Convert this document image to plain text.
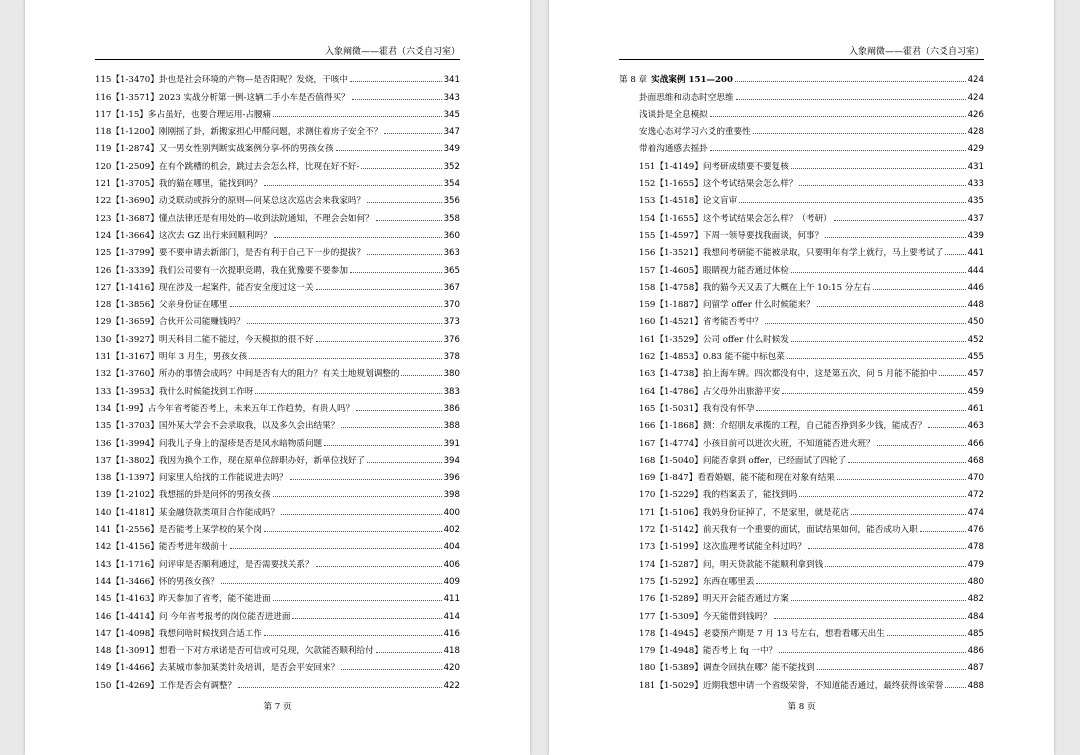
入象阐微——霍君（六爻自习室）
115【1-3470】 卦也是社会环境的产物—是否阳呢？发烧，干咳中	341
116【1-3571】 2023 实战分析第一例-这辆二手小车是否值得买？	343
117【1-15】 多占虽好，也要合理运用-占腰痛	345
118【1-1200】 刚刚摇了卦，新搬家担心甲醛问题，求测住着房子安全不？	347
119【1-2874】 又一男女性别判断实战案例分享-怀的男孩女孩	349
120【1-2509】 在有个跳槽的机会，跳过去会怎么样，比现在好不好-	352
121【1-3705】 我的猫在哪里，能找到吗？	354
122【1-3690】 动爻联动或拆分的原则—问某总这次巡店会来我家吗？	356
123【1-3687】 懂点法律还是有用处的—收到法院通知，不理会会如何？	358
124【1-3664】 这次去 GZ 出行来回顺利吗？	360
125【1-3799】 要不要申请去新部门，是否有利于自己下一步的提拔？	363
126【1-3339】 我们公司要有一次提职竞聘，我在犹豫要不要参加	365
127【1-1416】 现在涉及一起案件，能否安全度过这一关	367
128【1-3856】 父亲身份证在哪里	370
129【1-3659】 合伙开公司能赚钱吗？	373
130【1-3927】 明天科目二能不能过，今天模拟的很不好	376
131【1-3167】 明年 3 月生，男孩女孩	378
132【1-3760】 所办的事情会成吗？中间是否有大的阻力？有关土地规划调整的	380
133【1-3953】 我什么时候能找到工作呀	383
134【1-99】 占今年省考能否考上，未来五年工作趋势，有贵人吗？	386
135【1-3703】 国外某大学会不会录取我，以及多久会出结果？	388
136【1-3994】 问我儿子身上的湿疹是否是风水暗物质问题	391
137【1-3802】 我因为换个工作，现在原单位辞职办好，新单位找好了	394
138【1-1397】 问家里人给找的工作能说进去吗？	396
139【1-2102】 我想摇的卦是问怀的男孩女孩	398
140【1-4181】 某金融贷款类项目合作能成吗？	400
141【1-2556】 是否能考上某学校的某个岗	402
142【1-4156】 能否考进年级前十	404
143【1-1716】 问评审是否顺利通过，是否需要找关系？	406
144【1-3466】 怀的男孩女孩？	409
145【1-4163】 昨天参加了省考，能不能进面	411
146【1-4414】 问 今年省考报考的岗位能否进进面	414
147【1-4098】 我想问啥时候找到合适工作	416
148【1-3091】 想看一下对方承诺是否可信或可兑现，欠款能否顺利给付	418
149【1-4466】 去某城市参加某类针灸培训，是否会平安回来？	420
150【1-4269】 工作是否会有调整？	422
第 7 页
入象阐微——霍君（六爻自习室）
第 8 章 实战案例 151—200	424
卦面思维和动态时空思维	424
浅谈卦是全息模拟	426
安逸心态对学习六爻的重要性	428
带着沟通感去摇卦	429
151【1-4149】 问考研成绩要不要复核	431
152【1-1655】 这个考试结果会怎么样？	433
153【1-4518】 论文盲审	435
154【1-1655】 这个考试结果会怎么样？（考研）	437
155【1-4597】 下周一领导要找我面谈，何事？	439
156【1-3521】 我想问考研能不能被录取，只要明年有学上就行，马上要考试了	441
157【1-4605】 眼睛视力能否通过体检	444
158【1-4758】 我的猫今天又丢了大概在上午 10:15 分左右	446
159【1-1887】 问留学 offer 什么时候能来？	448
160【1-4521】 省考能否考中？	450
161【1-3529】 公司 offer 什么时候发	452
162【1-4853】 0.83 能不能中标包菜	455
163【1-4738】 拍上海车牌。四次都没有中，这是第五次，问 5 月能不能拍中	457
164【1-4786】 占父母外出旅游平安	459
165【1-5031】 我有没有怀孕	461
166【1-1868】 测：介绍朋友承揽的工程，自己能否挣到多少钱，能成否？	463
167【1-4774】 小孩目前可以进次火班，不知道能否进火班？	466
168【1-5040】 问能否拿到 offer，已经面试了四轮了	468
169【1-847】 看看婚姻，能不能和现在对象有结果	470
170【1-5229】 我的档案丢了，能找到吗	472
171【1-5106】 我妈身份证掉了，不是家里，就是花店	474
172【1-5142】 前天我有一个重要的面试，面试结果如何，能否成功入职	476
173【1-5199】 这次监理考试能全科过吗？	478
174【1-5287】 问，明天贷款能不能顺利拿到钱	479
175【1-5292】 东西在哪里丢	480
176【1-5289】 明天开会能否通过方案	482
177【1-5309】 今天能借到钱吗？	484
178【1-4945】 老婆预产期是 7 月 13 号左右，想看看哪天出生	485
179【1-4948】 能否考上 fq 一中？	486
180【1-5389】 调查令回执在哪？能不能找到	487
181【1-5029】 近期我想申请一个省级荣誉，不知道能否通过，最终获得该荣誉	488
第 8 页
